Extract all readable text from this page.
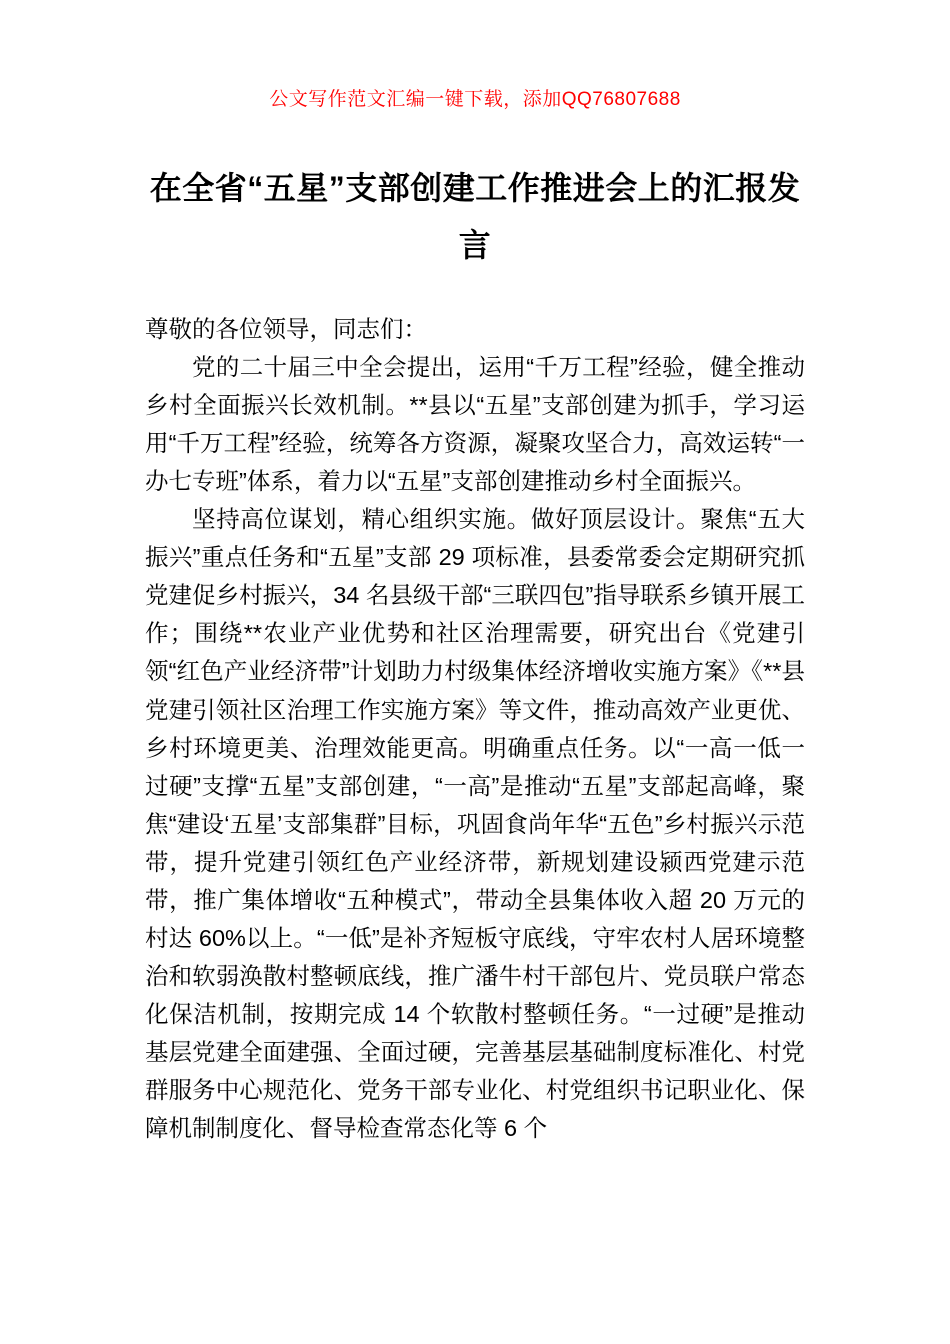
公文写作范文汇编一键下载，添加QQ76807688
在全省“五星”支部创建工作推进会上的汇报发言

尊敬的各位领导，同志们：

党的二十届三中全会提出，运用“千万工程”经验，健全推动乡村全面振兴长效机制。**县以“五星”支部创建为抓手，学习运用“千万工程”经验，统筹各方资源，凝聚攻坚合力，高效运转“一办七专班”体系，着力以“五星”支部创建推动乡村全面振兴。

坚持高位谋划，精心组织实施。做好顶层设计。聚焦“五大振兴”重点任务和“五星”支部 29 项标准，县委常委会定期研究抓党建促乡村振兴，34 名县级干部“三联四包”指导联系乡镇开展工作；围绕**农业产业优势和社区治理需要，研究出台《党建引领“红色产业经济带”计划助力村级集体经济增收实施方案》《**县党建引领社区治理工作实施方案》等文件，推动高效产业更优、乡村环境更美、治理效能更高。明确重点任务。以“一高一低一过硬”支撑“五星”支部创建，“一高”是推动“五星”支部起高峰，聚焦“建设‘五星’支部集群”目标，巩固食尚年华“五色”乡村振兴示范带，提升党建引领红色产业经济带，新规划建设颍西党建示范带，推广集体增收“五种模式”，带动全县集体收入超 20 万元的村达 60%以上。“一低”是补齐短板守底线，守牢农村人居环境整治和软弱涣散村整顿底线，推广潘牛村干部包片、党员联户常态化保洁机制，按期完成 14 个软散村整顿任务。“一过硬”是推动基层党建全面建强、全面过硬，完善基层基础制度标准化、村党群服务中心规范化、党务干部专业化、村党组织书记职业化、保障机制制度化、督导检查常态化等 6 个
